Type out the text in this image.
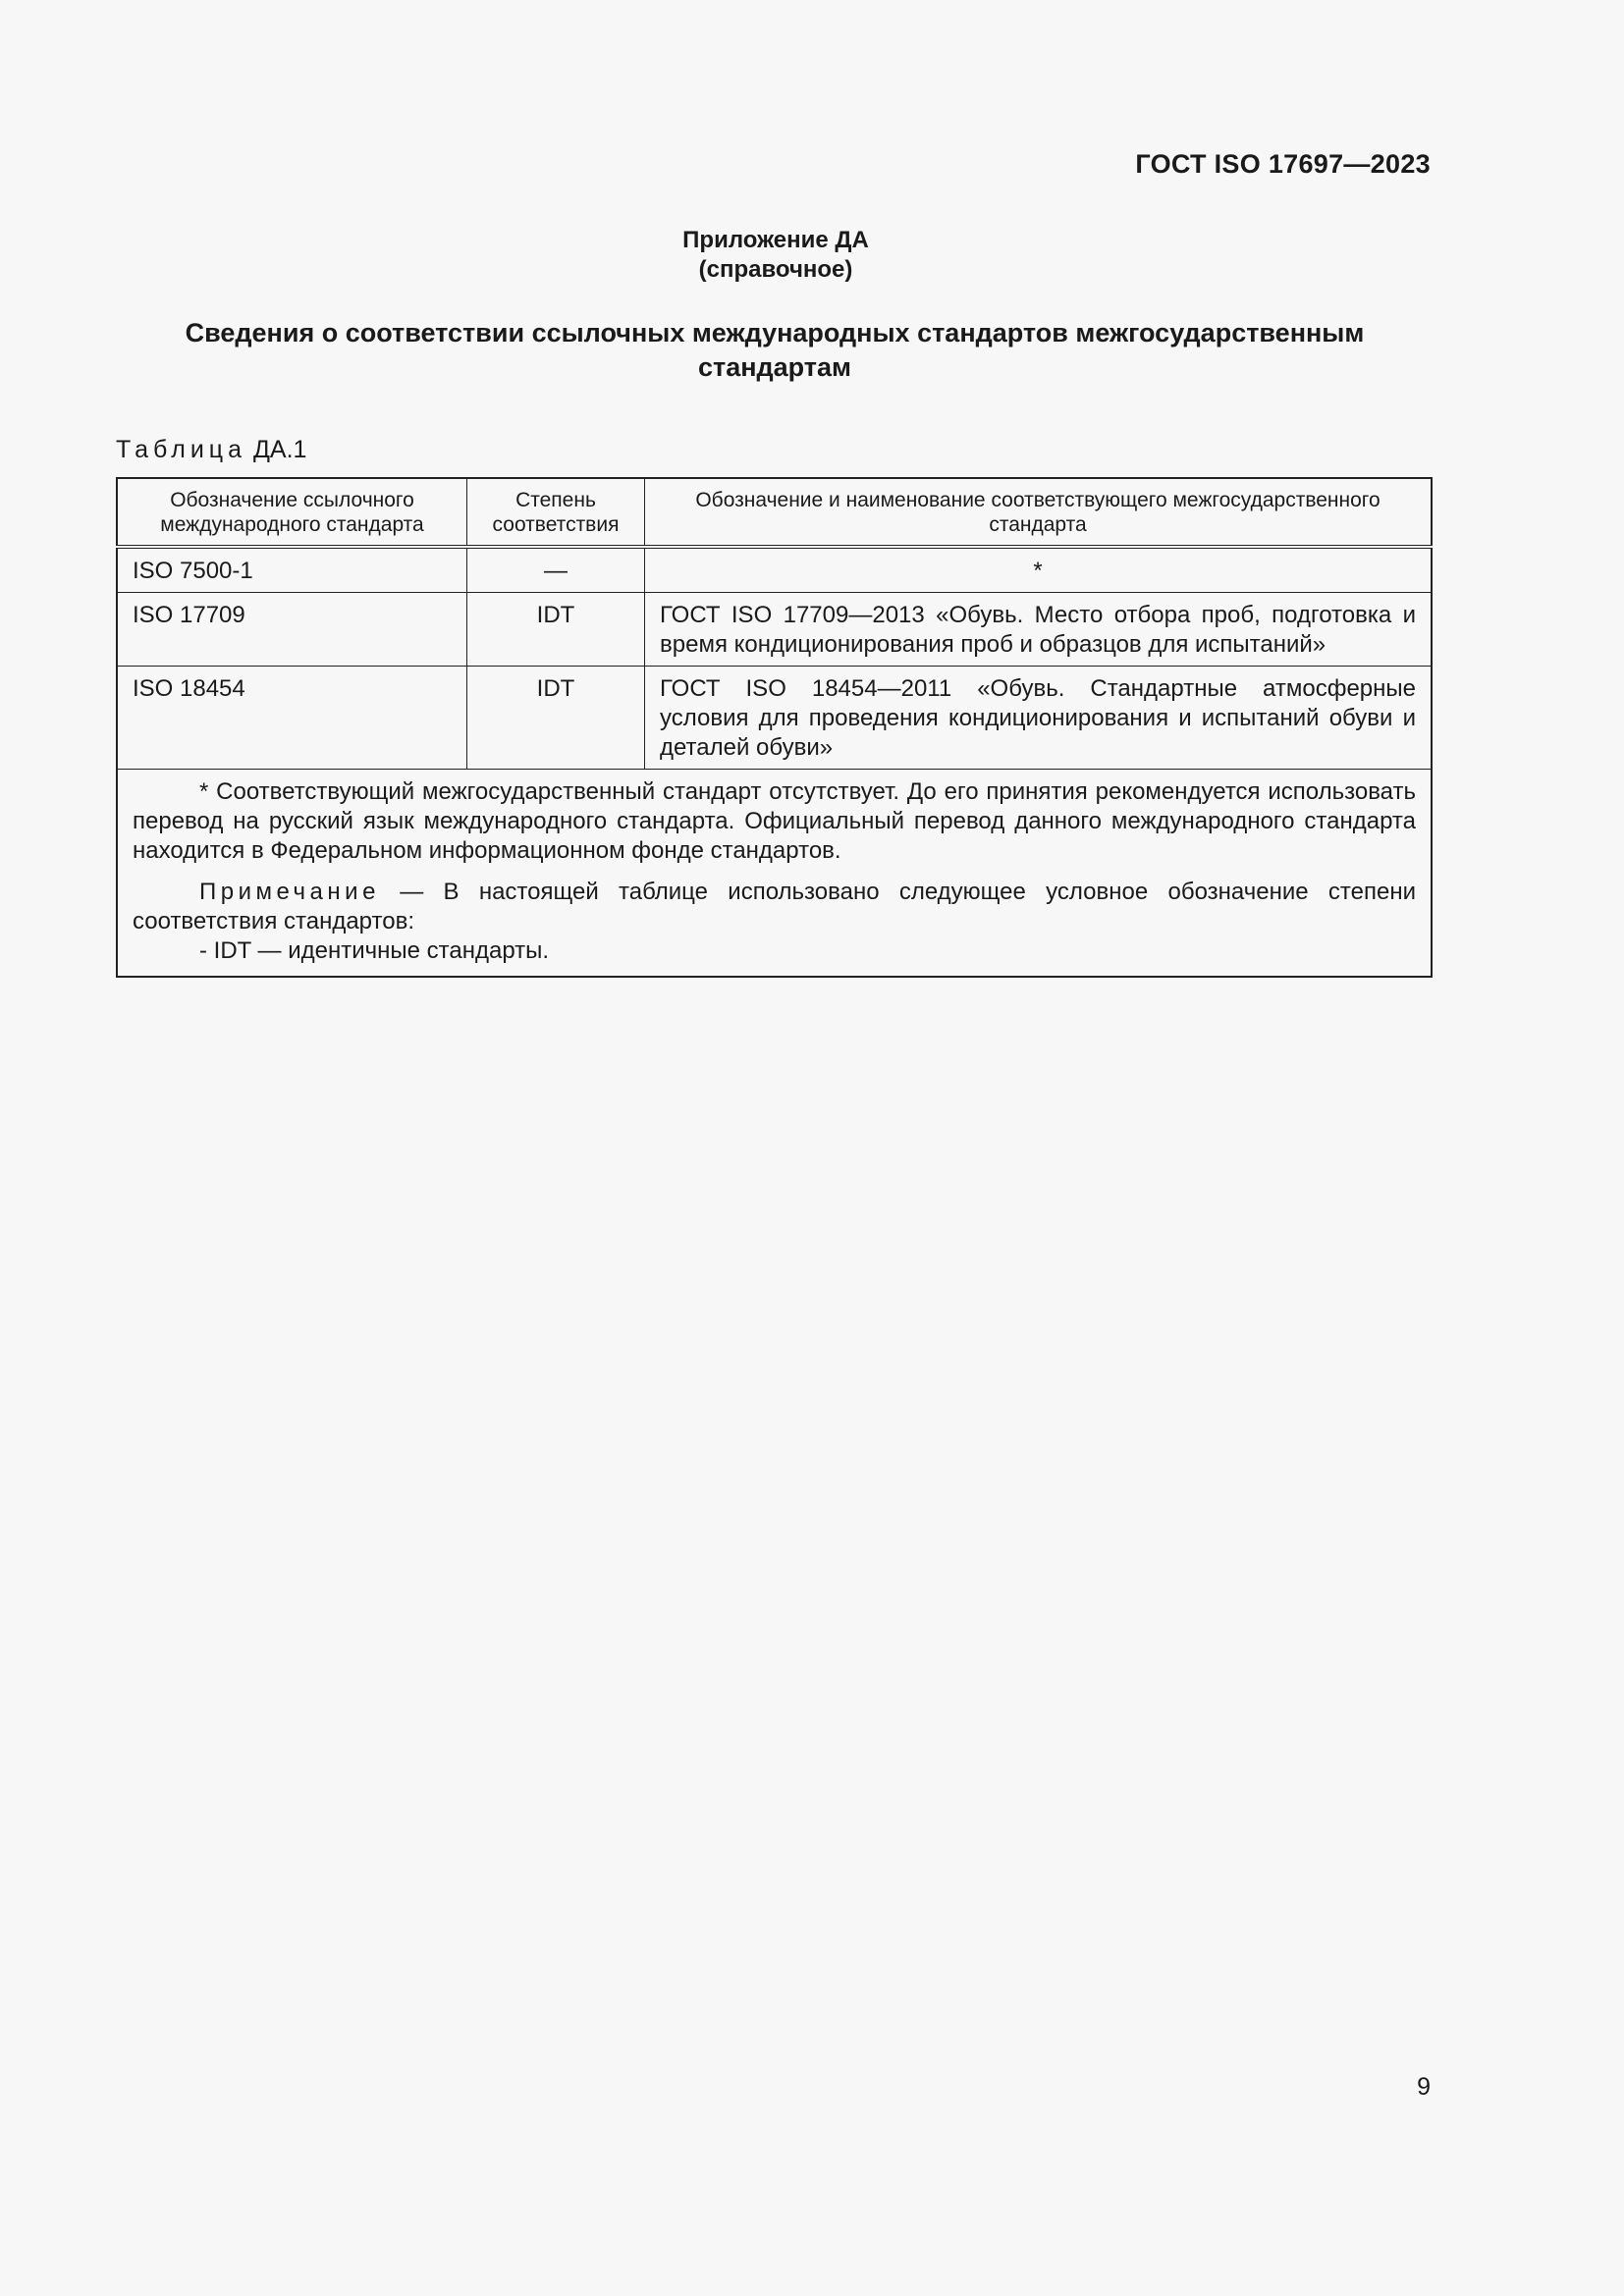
ГОСТ ISO 17697—2023
Приложение ДА
(справочное)
Сведения о соответствии ссылочных международных стандартов межгосударственным стандартам
Таблица ДА.1
Обозначение ссылочного международного стандарта	Степень соответствия	Обозначение и наименование соответствующего межгосударственного стандарта
ISO 7500-1	—	*
ISO 17709	IDT	ГОСТ ISO 17709—2013 «Обувь. Место отбора проб, подготовка и время кондиционирования проб и образцов для испытаний»
ISO 18454	IDT	ГОСТ ISO 18454—2011 «Обувь. Стандартные атмосферные условия для проведения кондиционирования и испытаний обуви и деталей обуви»

* Соответствующий межгосударственный стандарт отсутствует. До его принятия рекомендуется использовать перевод на русский язык международного стандарта. Официальный перевод данного международного стандарта находится в Федеральном информационном фонде стандартов.

Примечание — В настоящей таблице использовано следующее условное обозначение степени соответствия стандартов:

- IDT — идентичные стандарты.		

9
